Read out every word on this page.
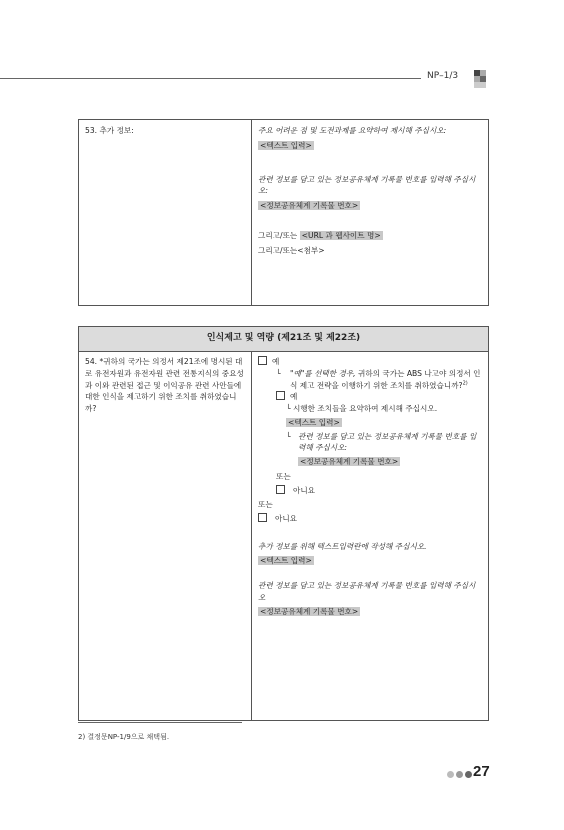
NP–1/3

53. 추가 정보:	주요 어려운 점 및 도전과제를 요약하여 제시해 주십시오:

<텍스트 입력>

관련 정보를 담고 있는 정보공유체계 기록물 번호를 입력해 주십시오:

<정보공유체계 기록물 번호>

그리고/또는 <URL 과 웹사이트 명>

그리고/또는<첨부>

인식제고 및 역량 (제21조 및 제22조)

54. *귀하의 국가는 의정서 제21조에 명시된 대로 유전자원과 유전자원 관련 전통지식의 중요성과 이와 관련된 접근 및 이익공유 관련 사안들에 대한 인식을 제고하기 위한 조치를 취하였습니까?

예

└	"예"를 선택한 경우, 귀하의 국가는 ABS 나고야 의정서 인식 제고 전략을 이행하기 위한 조치를 취하였습니까?$^{2)}$

예

└ 시행한 조치들을 요약하여 제시해 주십시오.

<텍스트 입력>

└ 관련 정보를 담고 있는 정보공유체계 기록물 번호를 입력해 주십시오:

<정보공유체계 기록물 번호>

또는

아니요

또는

아니요

추가 정보를 위해 텍스트입력란에 작성해 주십시오.

<텍스트 입력>

관련 정보를 담고 있는 정보공유체계 기록물 번호를 입력해 주십시오

<정보공유체계 기록물 번호>

2) 결정문NP-1/9으로 채택됨.
27
